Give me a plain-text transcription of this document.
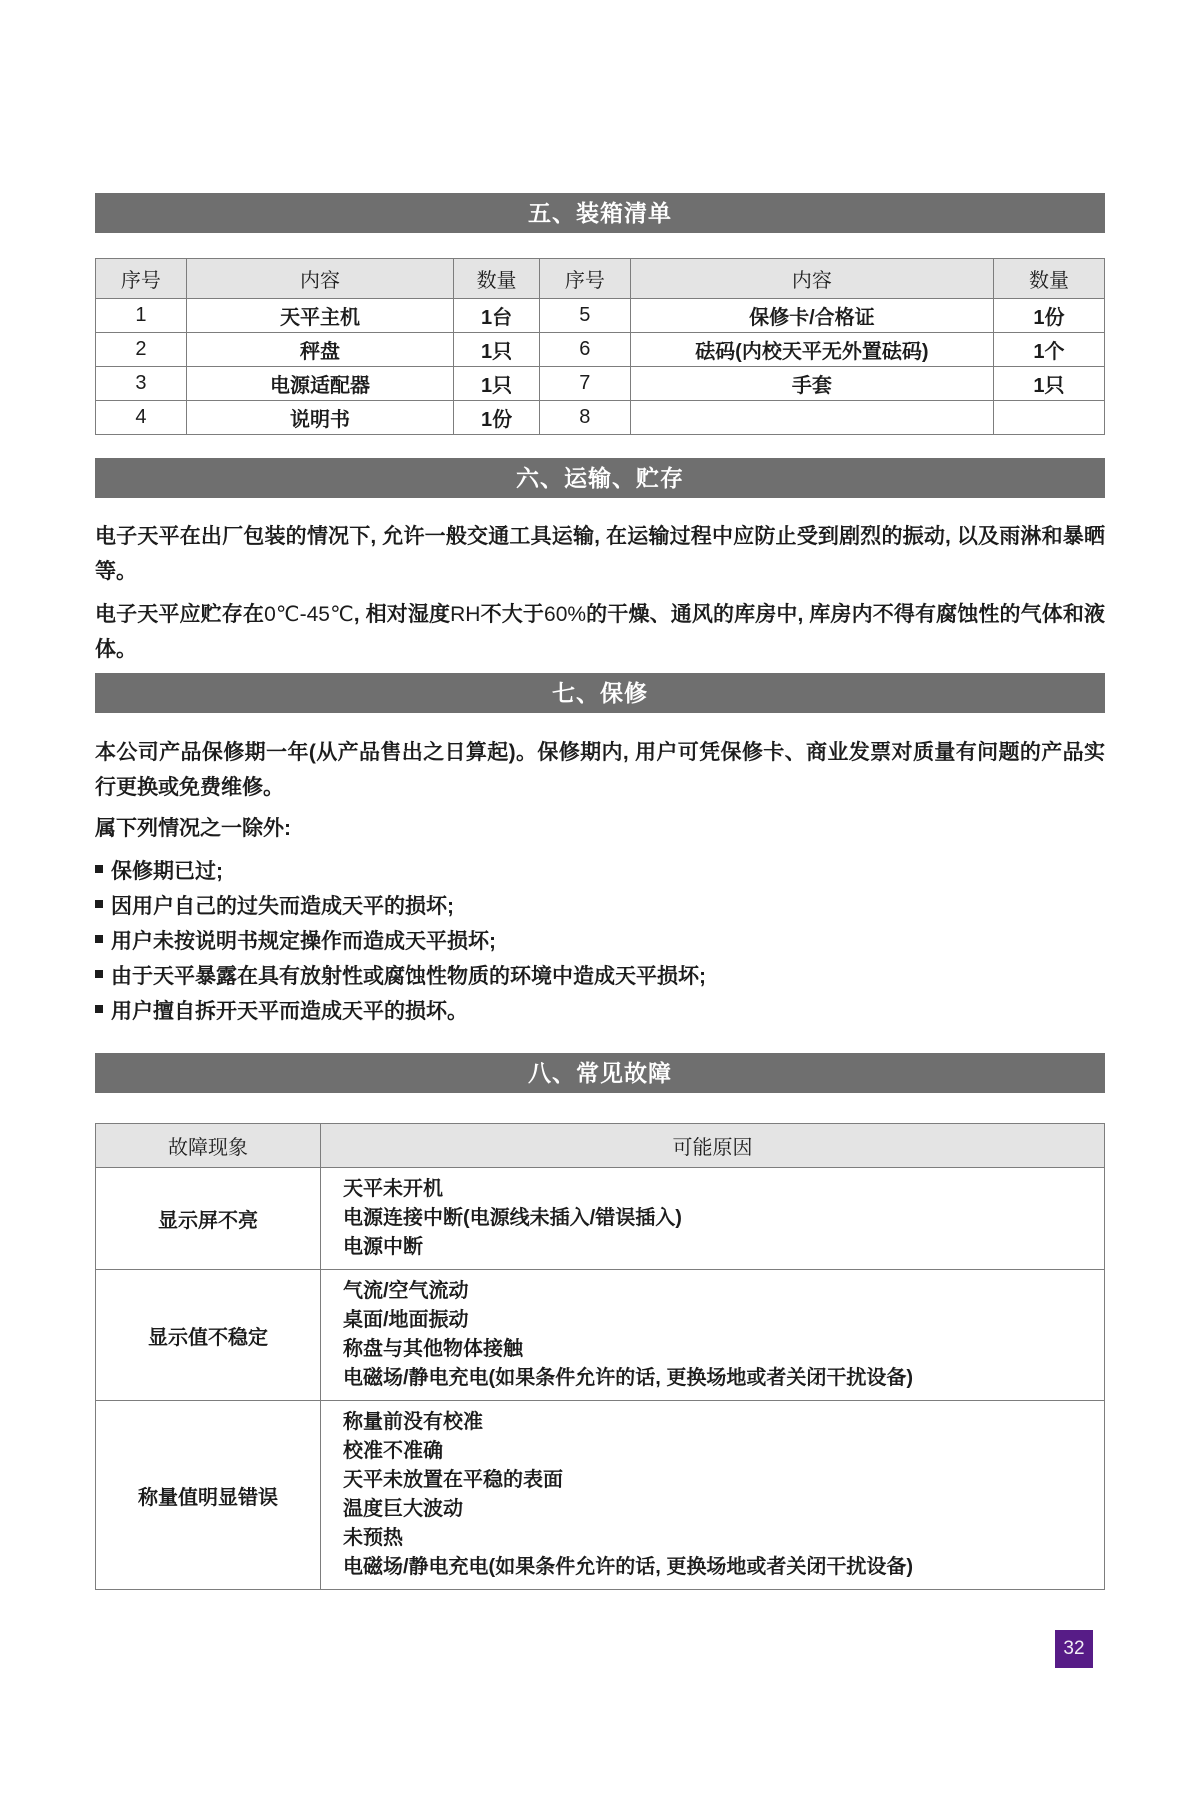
五、装箱清单
序号	内容	数量	序号	内容	数量
1	天平主机	1台	5	保修卡/合格证	1份
2	秤盘	1只	6	砝码(内校天平无外置砝码)	1个
3	电源适配器	1只	7	手套	1只
4	说明书	1份	8		
六、运输、贮存

电子天平在出厂包装的情况下, 允许一般交通工具运输, 在运输过程中应防止受到剧烈的振动, 以及雨淋和暴晒等。

电子天平应贮存在0℃-45℃, 相对湿度RH不大于60%的干燥、通风的库房中, 库房内不得有腐蚀性的气体和液体。

七、保修

本公司产品保修期一年(从产品售出之日算起)。保修期内, 用户可凭保修卡、商业发票对质量有问题的产品实行更换或免费维修。

属下列情况之一除外:

保修期已过;
因用户自己的过失而造成天平的损坏;
用户未按说明书规定操作而造成天平损坏;
由于天平暴露在具有放射性或腐蚀性物质的环境中造成天平损坏;
用户擅自拆开天平而造成天平的损坏。
八、常见故障
故障现象	可能原因
显示屏不亮	天平未开机
电源连接中断(电源线未插入/错误插入)
电源中断

显示值不稳定	气流/空气流动
桌面/地面振动
称盘与其他物体接触
电磁场/静电充电(如果条件允许的话, 更换场地或者关闭干扰设备)

称量值明显错误	
称量前没有校准
校准不准确
天平未放置在平稳的表面
温度巨大波动
未预热
电磁场/静电充电(如果条件允许的话, 更换场地或者关闭干扰设备)
32
